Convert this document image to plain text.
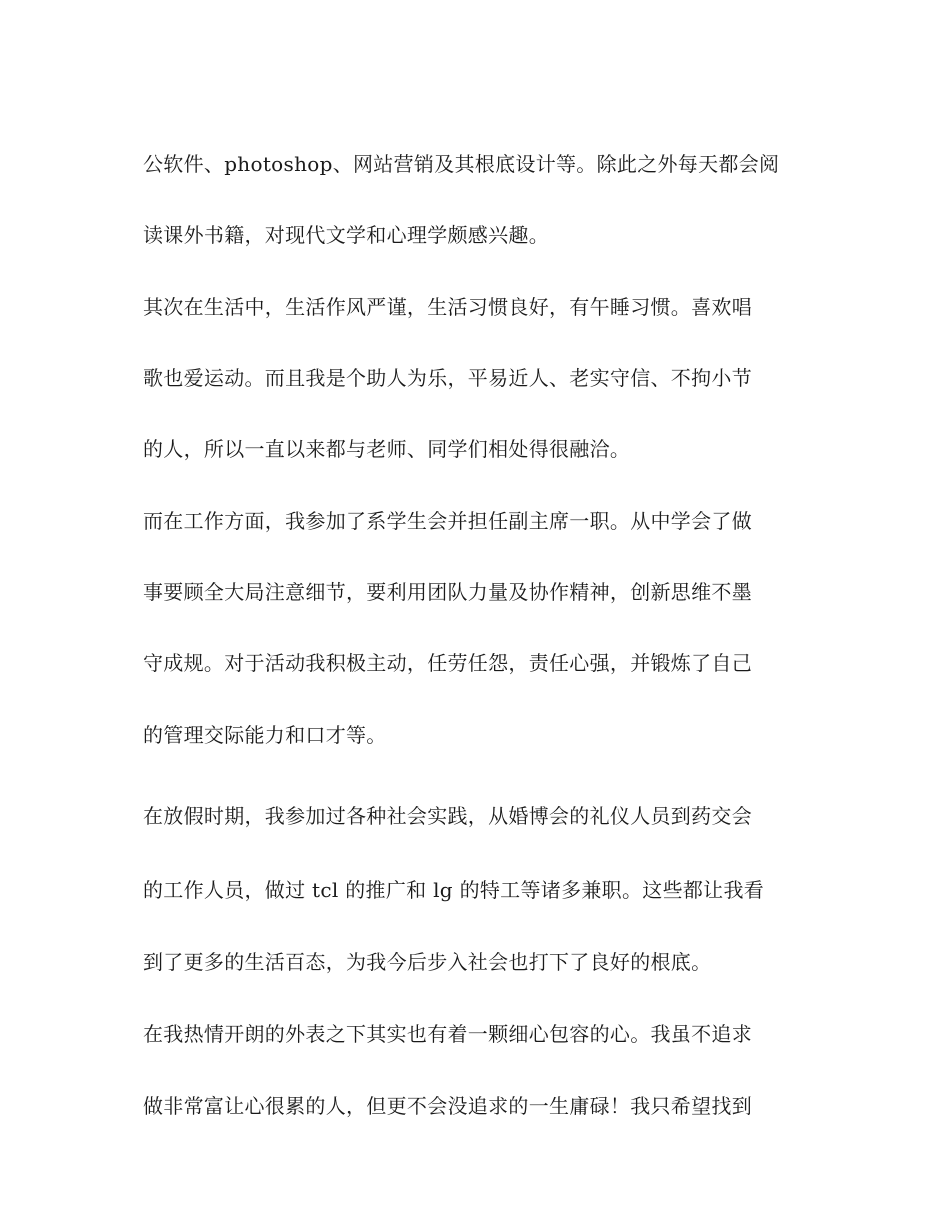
公软件、photoshop、网站营销及其根底设计等。除此之外每天都会阅

读课外书籍，对现代文学和心理学颇感兴趣。

其次在生活中，生活作风严谨，生活习惯良好，有午睡习惯。喜欢唱

歌也爱运动。而且我是个助人为乐，平易近人、老实守信、不拘小节

的人，所以一直以来都与老师、同学们相处得很融洽。

而在工作方面，我参加了系学生会并担任副主席一职。从中学会了做

事要顾全大局注意细节，要利用团队力量及协作精神，创新思维不墨

守成规。对于活动我积极主动，任劳任怨，责任心强，并锻炼了自己

的管理交际能力和口才等。

在放假时期，我参加过各种社会实践，从婚博会的礼仪人员到药交会

的工作人员，做过 tcl 的推广和 lg 的特工等诸多兼职。这些都让我看

到了更多的生活百态，为我今后步入社会也打下了良好的根底。

在我热情开朗的外表之下其实也有着一颗细心包容的心。我虽不追求

做非常富让心很累的人，但更不会没追求的一生庸碌！我只希望找到
